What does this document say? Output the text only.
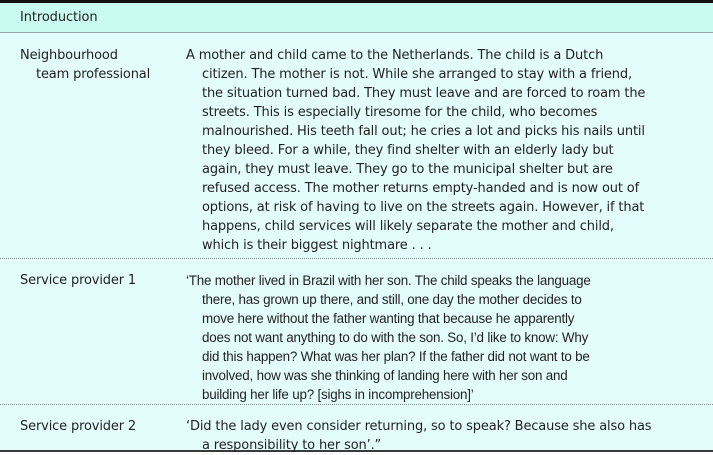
Introduction
Neighbourhood
team professional
A mother and child came to the Netherlands. The child is a Dutch
citizen. The mother is not. While she arranged to stay with a friend,
the situation turned bad. They must leave and are forced to roam the
streets. This is especially tiresome for the child, who becomes
malnourished. His teeth fall out; he cries a lot and picks his nails until
they bleed. For a while, they find shelter with an elderly lady but
again, they must leave. They go to the municipal shelter but are
refused access. The mother returns empty-handed and is now out of
options, at risk of having to live on the streets again. However, if that
happens, child services will likely separate the mother and child,
which is their biggest nightmare . . .
Service provider 1	‘The mother lived in Brazil with her son. The child speaks the language
there, has grown up there, and still, one day the mother decides to
move here without the father wanting that because he apparently
does not want anything to do with the son. So, I’d like to know: Why
did this happen? What was her plan? If the father did not want to be
involved, how was she thinking of landing here with her son and
building her life up? [sighs in incomprehension]’
Service provider 2	‘Did the lady even consider returning, so to speak? Because she also has
a responsibility to her son’.”
